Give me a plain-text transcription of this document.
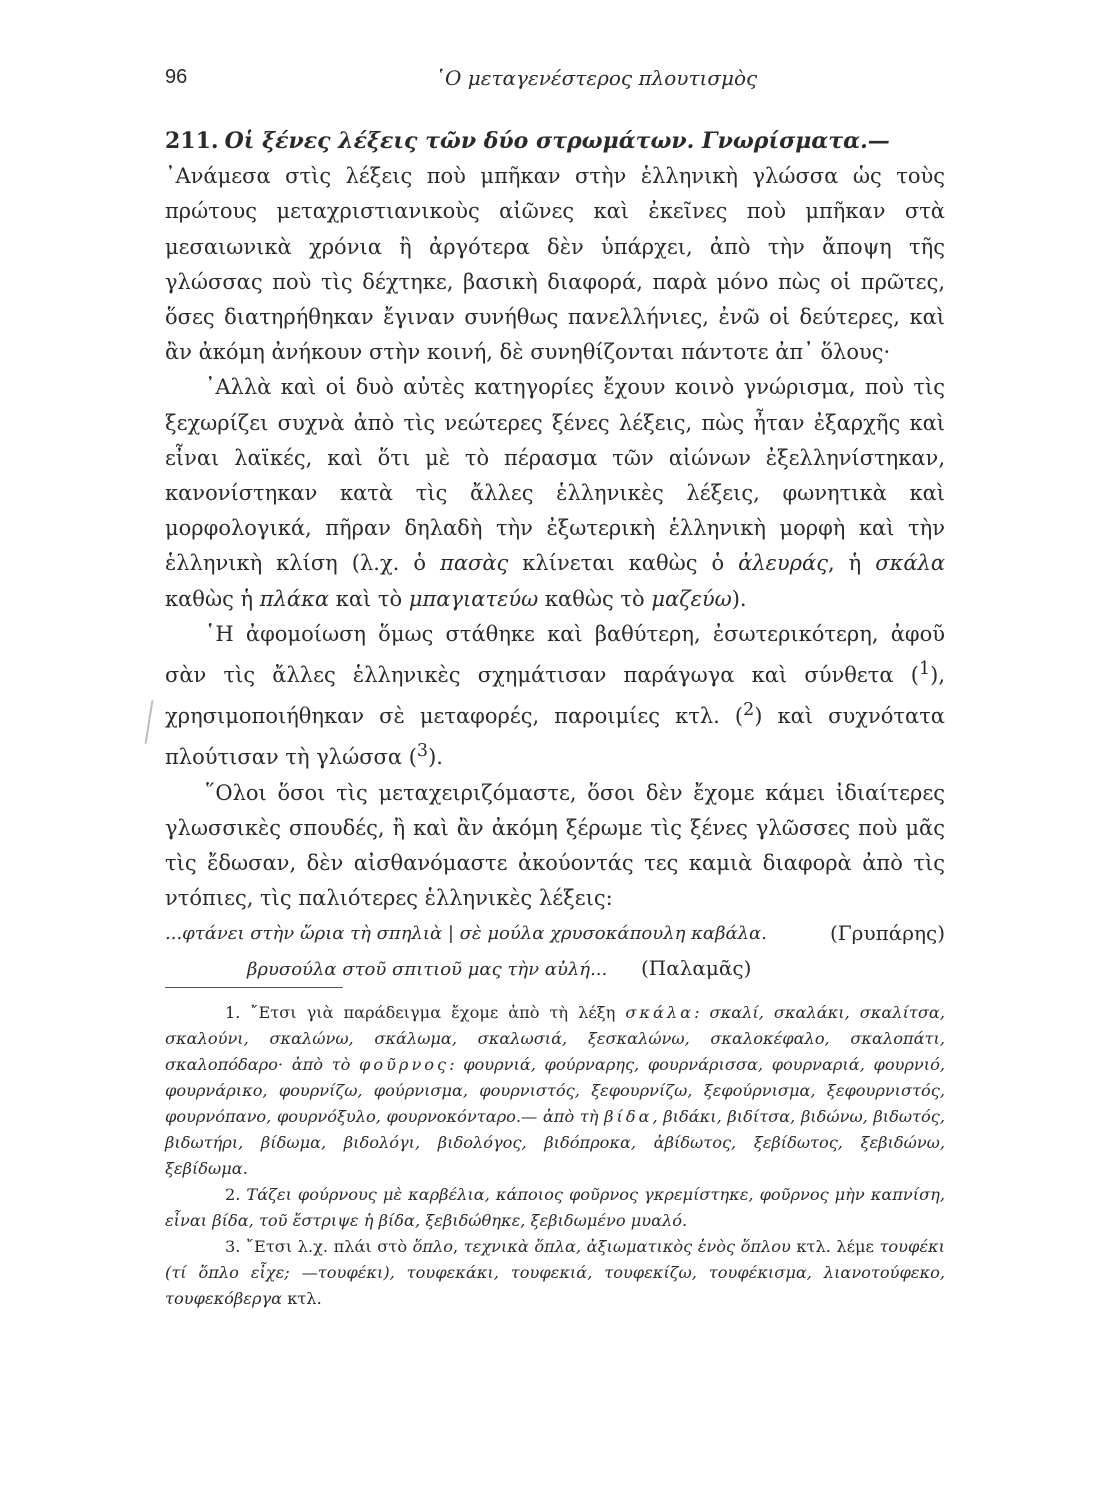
96	῾Ο μεταγενέστερος πλουτισμὸς

211. Οἱ ξένες λέξεις τῶν δύο στρωμάτων. Γνωρίσματα.—

᾿Ανάμεσα στὶς λέξεις ποὺ μπῆκαν στὴν ἑλληνικὴ γλώσσα ὡς τοὺς πρώτους μεταχριστιανικοὺς αἰῶνες καὶ ἐκεῖνες ποὺ μπῆκαν στὰ μεσαιωνικὰ χρόνια ἢ ἀργότερα δὲν ὑπάρχει, ἀπὸ τὴν ἄποψη τῆς γλώσσας ποὺ τὶς δέχτηκε, βασικὴ διαφορά, παρὰ μόνο πὼς οἱ πρῶτες, ὅσες διατηρήθηκαν ἔγιναν συνήθως πανελλήνιες, ἐνῶ οἱ δεύτερες, καὶ ἂν ἀκόμη ἀνήκουν στὴν κοινή, δὲ συνηθίζονται πάντοτε ἀπ᾿ ὅλους·

᾿Αλλὰ καὶ οἱ δυὸ αὐτὲς κατηγορίες ἔχουν κοινὸ γνώρισμα, ποὺ τὶς ξεχωρίζει συχνὰ ἀπὸ τὶς νεώτερες ξένες λέξεις, πὼς ἦταν ἐξαρχῆς καὶ εἶναι λαϊκές, καὶ ὅτι μὲ τὸ πέρασμα τῶν αἰώνων ἐξελληνίστηκαν, κανονίστηκαν κατὰ τὶς ἄλλες ἑλληνικὲς λέξεις, φωνητικὰ καὶ μορφολογικά, πῆραν δηλαδὴ τὴν ἐξωτερικὴ ἑλληνικὴ μορφὴ καὶ τὴν ἑλληνικὴ κλίση (λ.χ. ὁ πασὰς κλίνεται καθὼς ὁ ἀλευράς, ἡ σκάλα καθὼς ἡ πλάκα καὶ τὸ μπαγιατεύω καθὼς τὸ μαζεύω).

῾Η ἀφομοίωση ὅμως στάθηκε καὶ βαθύτερη, ἐσωτερικότερη, ἀφοῦ σὰν τὶς ἄλλες ἑλληνικὲς σχημάτισαν παράγωγα καὶ σύνθετα ($^1$), χρησιμοποιήθηκαν σὲ μεταφορές, παροιμίες κτλ. ($^2$) καὶ συχνότατα πλούτισαν τὴ γλώσσα ($^3$).

῞Ολοι ὅσοι τὶς μεταχειριζόμαστε, ὅσοι δὲν ἔχομε κάμει ἰδιαίτερες γλωσσικὲς σπουδές, ἢ καὶ ἂν ἀκόμη ξέρωμε τὶς ξένες γλῶσσες ποὺ μᾶς τὶς ἔδωσαν, δὲν αἰσθανόμαστε ἀκούοντάς τες καμιὰ διαφορὰ ἀπὸ τὶς ντόπιες, τὶς παλιότερες ἑλληνικὲς λέξεις:

...φτάνει στὴν ὥρια τὴ σπηλιὰ | σὲ μούλα χρυσοκάπουλη καβάλα.	(Γρυπάρης)
βρυσούλα στοῦ σπιτιοῦ μας τὴν αὐλή... (Παλαμᾶς)

1. ῎Ετσι γιὰ παράδειγμα ἔχομε ἀπὸ τὴ λέξη σκάλα: σκαλί, σκαλάκι, σκαλίτσα, σκαλούνι, σκαλώνω, σκάλωμα, σκαλωσιά, ξεσκαλώνω, σκαλοκέφαλο, σκαλοπάτι, σκαλοπόδαρο· ἀπὸ τὸ φοῦρνος: φουρνιά, φούρναρης, φουρνάρισσα, φουρναριά, φουρνιό, φουρνάρικο, φουρνίζω, φούρνισμα, φουρνιστός, ξεφουρνίζω, ξεφούρνισμα, ξεφουρνιστός, φουρνόπανο, φουρνόξυλο, φουρνοκόνταρο.— ἀπὸ τὴ βίδα, βιδάκι, βιδίτσα, βιδώνω, βιδωτός, βιδωτήρι, βίδωμα, βιδολόγι, βιδολόγος, βιδόπροκα, ἀβίδωτος, ξεβίδωτος, ξεβιδώνω, ξεβίδωμα.

2. Τάζει φούρνους μὲ καρβέλια, κάποιος φοῦρνος γκρεμίστηκε, φοῦρνος μὴν καπνίση, εἶναι βίδα, τοῦ ἔστριψε ἡ βίδα, ξεβιδώθηκε, ξεβιδωμένο μυαλό.

3. ῎Ετσι λ.χ. πλάι στὸ ὅπλο, τεχνικὰ ὅπλα, ἀξιωματικὸς ἑνὸς ὅπλου κτλ. λέμε τουφέκι (τί ὅπλο εἶχε; —τουφέκι), τουφεκάκι, τουφεκιά, τουφεκίζω, τουφέκισμα, λιανοτούφεκο, τουφεκόβεργα κτλ.
